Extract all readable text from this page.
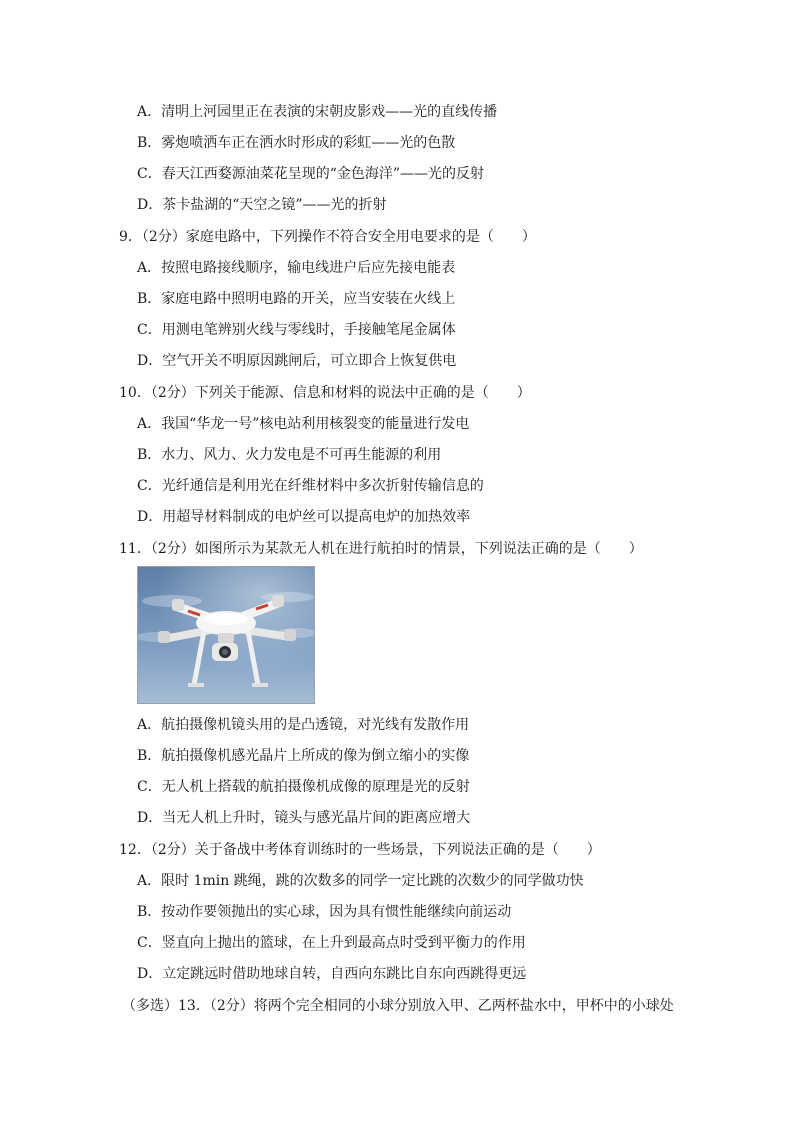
A．清明上河园里正在表演的宋朝皮影戏——光的直线传播
B．雾炮喷洒车正在洒水时形成的彩虹——光的色散
C．春天江西婺源油菜花呈现的“金色海洋”——光的反射
D．茶卡盐湖的“天空之镜”——光的折射
9．（2分）家庭电路中，下列操作不符合安全用电要求的是（　　）
A．按照电路接线顺序，输电线进户后应先接电能表
B．家庭电路中照明电路的开关，应当安装在火线上
C．用测电笔辨别火线与零线时，手接触笔尾金属体
D．空气开关不明原因跳闸后，可立即合上恢复供电
10．（2分）下列关于能源、信息和材料的说法中正确的是（　　）
A．我国“华龙一号”核电站利用核裂变的能量进行发电
B．水力、风力、火力发电是不可再生能源的利用
C．光纤通信是利用光在纤维材料中多次折射传输信息的
D．用超导材料制成的电炉丝可以提高电炉的加热效率
11．（2分）如图所示为某款无人机在进行航拍时的情景，下列说法正确的是（　　）
A．航拍摄像机镜头用的是凸透镜，对光线有发散作用
B．航拍摄像机感光晶片上所成的像为倒立缩小的实像
C．无人机上搭载的航拍摄像机成像的原理是光的反射
D．当无人机上升时，镜头与感光晶片间的距离应增大
12．（2分）关于备战中考体育训练时的一些场景，下列说法正确的是（　　）
A．限时 1min 跳绳，跳的次数多的同学一定比跳的次数少的同学做功快
B．按动作要领抛出的实心球，因为具有惯性能继续向前运动
C．竖直向上抛出的篮球，在上升到最高点时受到平衡力的作用
D．立定跳远时借助地球自转，自西向东跳比自东向西跳得更远
（多选）13．（2分）将两个完全相同的小球分别放入甲、乙两杯盐水中，甲杯中的小球处
